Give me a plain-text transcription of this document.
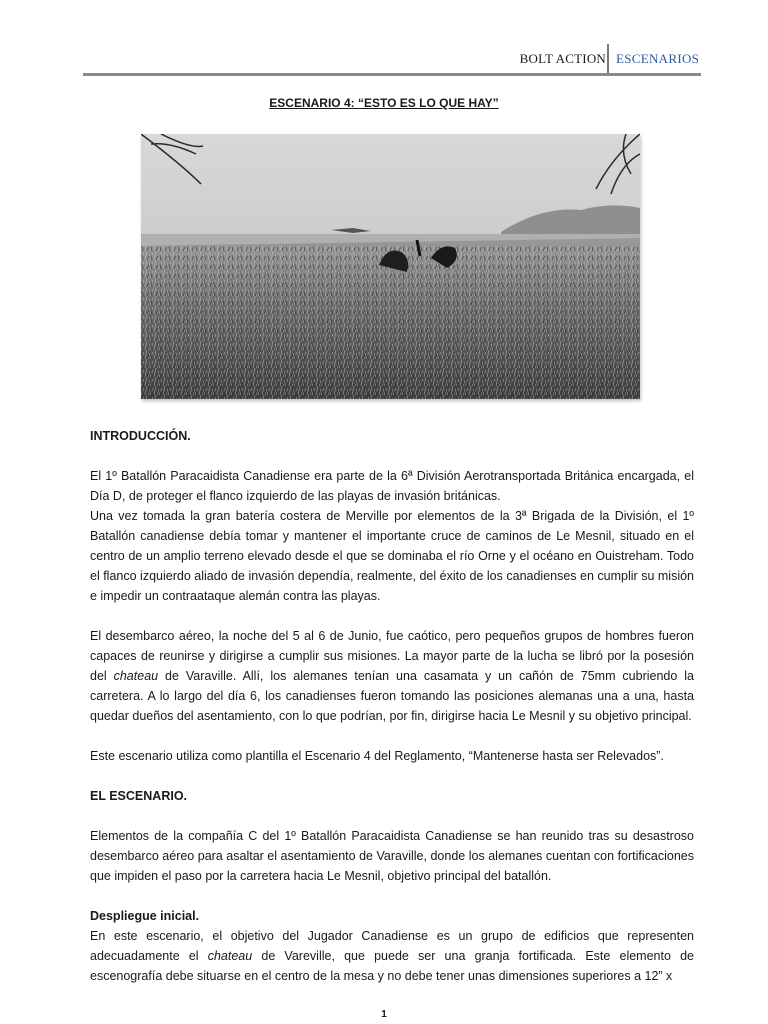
BOLT ACTION ESCENARIOS
ESCENARIO 4: “ESTO ES LO QUE HAY”

INTRODUCCIÓN.

El 1º Batallón Paracaidista Canadiense era parte de la 6ª División Aerotransportada Británica encargada, el Día D, de proteger el flanco izquierdo de las playas de invasión británicas.

Una vez tomada la gran batería costera de Merville por elementos de la 3ª Brigada de la División, el 1º Batallón canadiense debía tomar y mantener el importante cruce de caminos de Le Mesnil, situado en el centro de un amplio terreno elevado desde el que se dominaba el río Orne y el océano en Ouistreham. Todo el flanco izquierdo aliado de invasión dependía, realmente, del éxito de los canadienses en cumplir su misión e impedir un contraataque alemán contra las playas.

El desembarco aéreo, la noche del 5 al 6 de Junio, fue caótico, pero pequeños grupos de hombres fueron capaces de reunirse y dirigirse a cumplir sus misiones. La mayor parte de la lucha se libró por la posesión del chateau de Varaville. Allí, los alemanes tenían una casamata y un cañón de 75mm cubriendo la carretera. A lo largo del día 6, los canadienses fueron tomando las posiciones alemanas una a una, hasta quedar dueños del asentamiento, con lo que podrían, por fin, dirigirse hacia Le Mesnil y su objetivo principal.

Este escenario utiliza como plantilla el Escenario 4 del Reglamento, “Mantenerse hasta ser Relevados”.

EL ESCENARIO.

Elementos de la compañía C del 1º Batallón Paracaidista Canadiense se han reunido tras su desastroso desembarco aéreo para asaltar el asentamiento de Varaville, donde los alemanes cuentan con fortificaciones que impiden el paso por la carretera hacia Le Mesnil, objetivo principal del batallón.

Despliegue inicial.

En este escenario, el objetivo del Jugador Canadiense es un grupo de edificios que representen adecuadamente el chateau de Vareville, que puede ser una granja fortificada. Este elemento de escenografía debe situarse en el centro de la mesa y no debe tener unas dimensiones superiores a 12” x

1
